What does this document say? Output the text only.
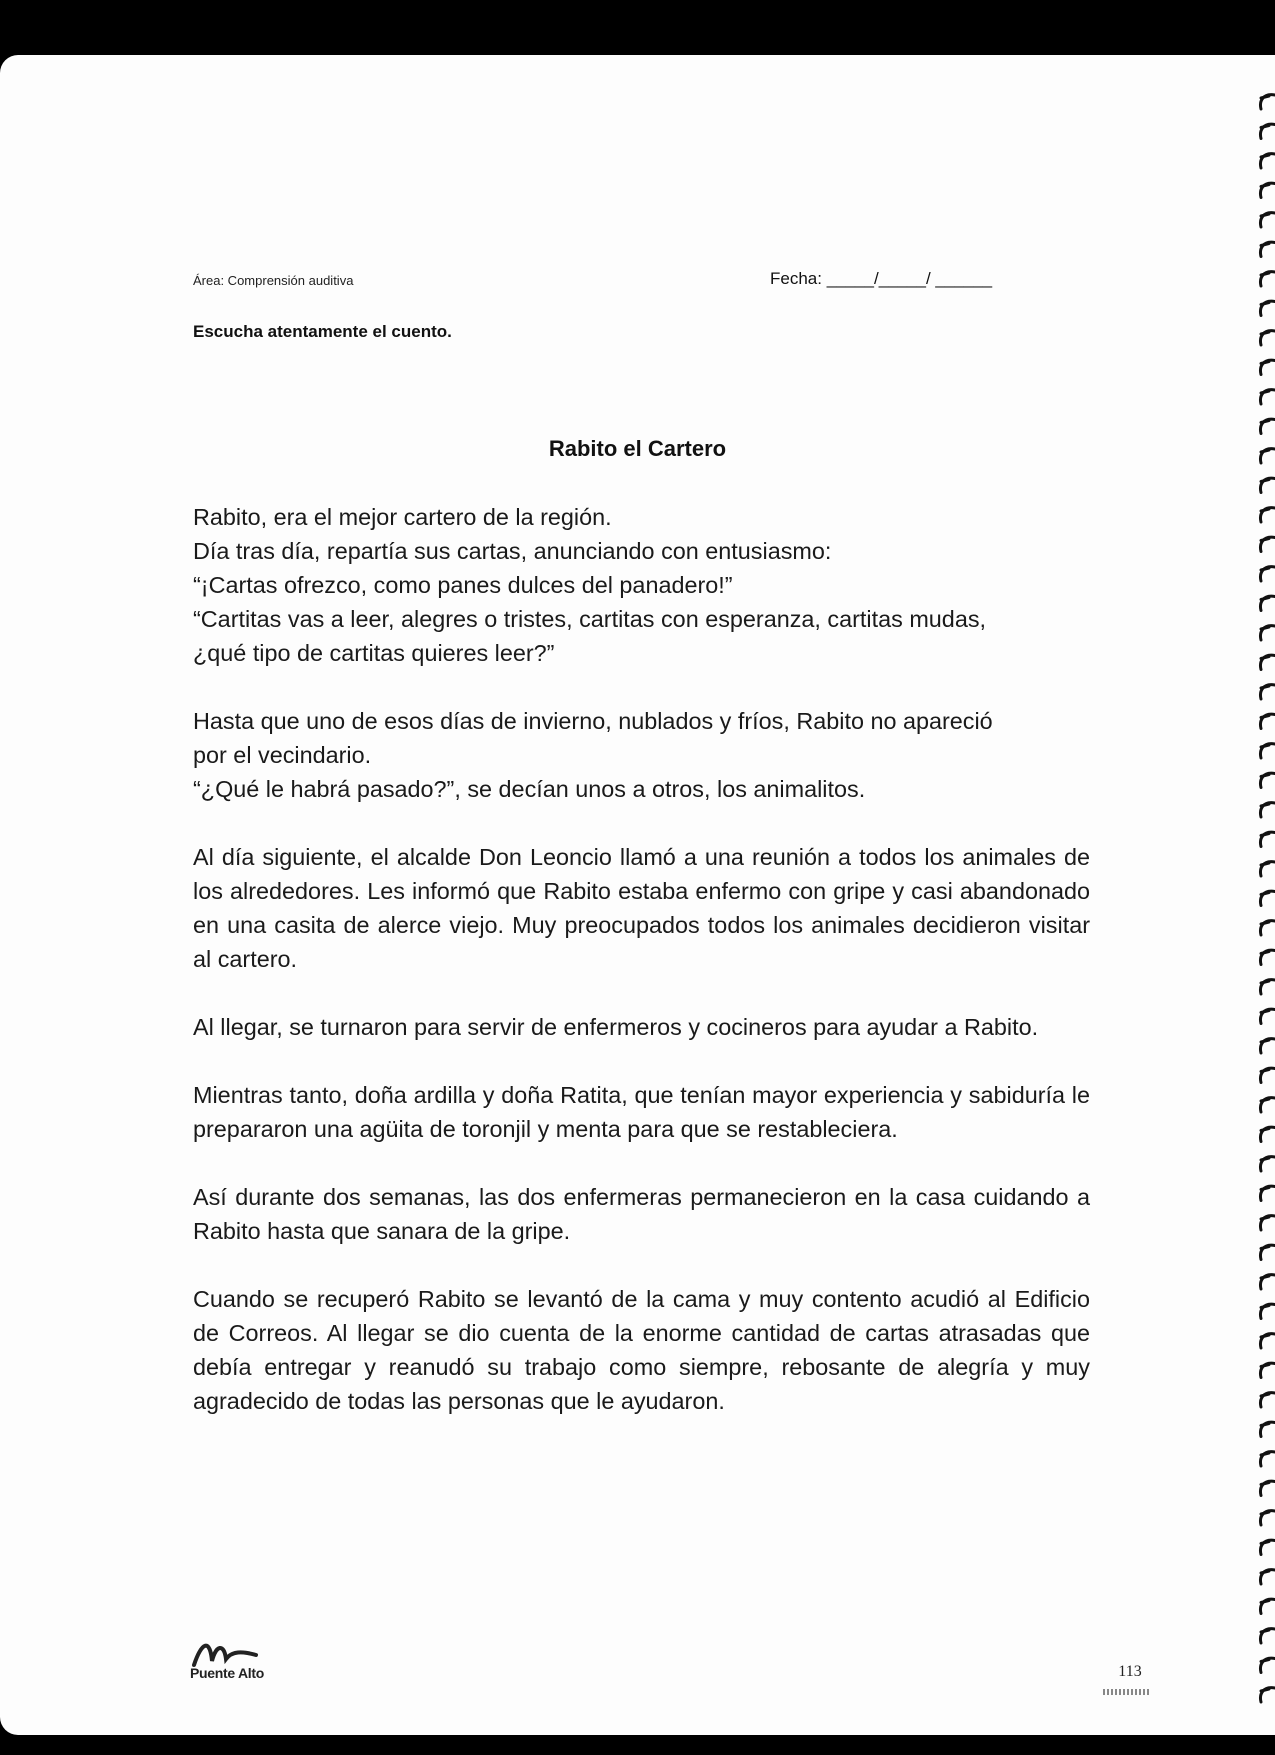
Área: Comprensión auditiva	Fecha: _____/_____/ ______
Escucha atentamente el cuento.
Rabito el Cartero

Rabito, era el mejor cartero de la región.
Día tras día, repartía sus cartas, anunciando con entusiasmo:
“¡Cartas ofrezco, como panes dulces del panadero!”
“Cartitas vas a leer, alegres o tristes, cartitas con esperanza, cartitas mudas,
¿qué tipo de cartitas quieres leer?”

Hasta que uno de esos días de invierno, nublados y fríos, Rabito no apareció
por el vecindario.
“¿Qué le habrá pasado?”, se decían unos a otros, los animalitos.

Al día siguiente, el alcalde Don Leoncio llamó a una reunión a todos los animales de los alrededores. Les informó que Rabito estaba enfermo con gripe y casi abandonado en una casita de alerce viejo. Muy preocupados todos los animales decidieron visitar al cartero.

Al llegar, se turnaron para servir de enfermeros y cocineros para ayudar a Rabito.

Mientras tanto, doña ardilla y doña Ratita, que tenían mayor experiencia y sabiduría le prepararon una agüita de toronjil y menta para que se restableciera.

Así durante dos semanas, las dos enfermeras permanecieron en la casa cuidando a Rabito hasta que sanara de la gripe.

Cuando se recuperó Rabito se levantó de la cama y muy contento acudió al Edificio de Correos. Al llegar se dio cuenta de la enorme cantidad de cartas atrasadas que debía entregar y reanudó su trabajo como siempre, rebosante de alegría y muy agradecido de todas las personas que le ayudaron.

Puente Alto	113
